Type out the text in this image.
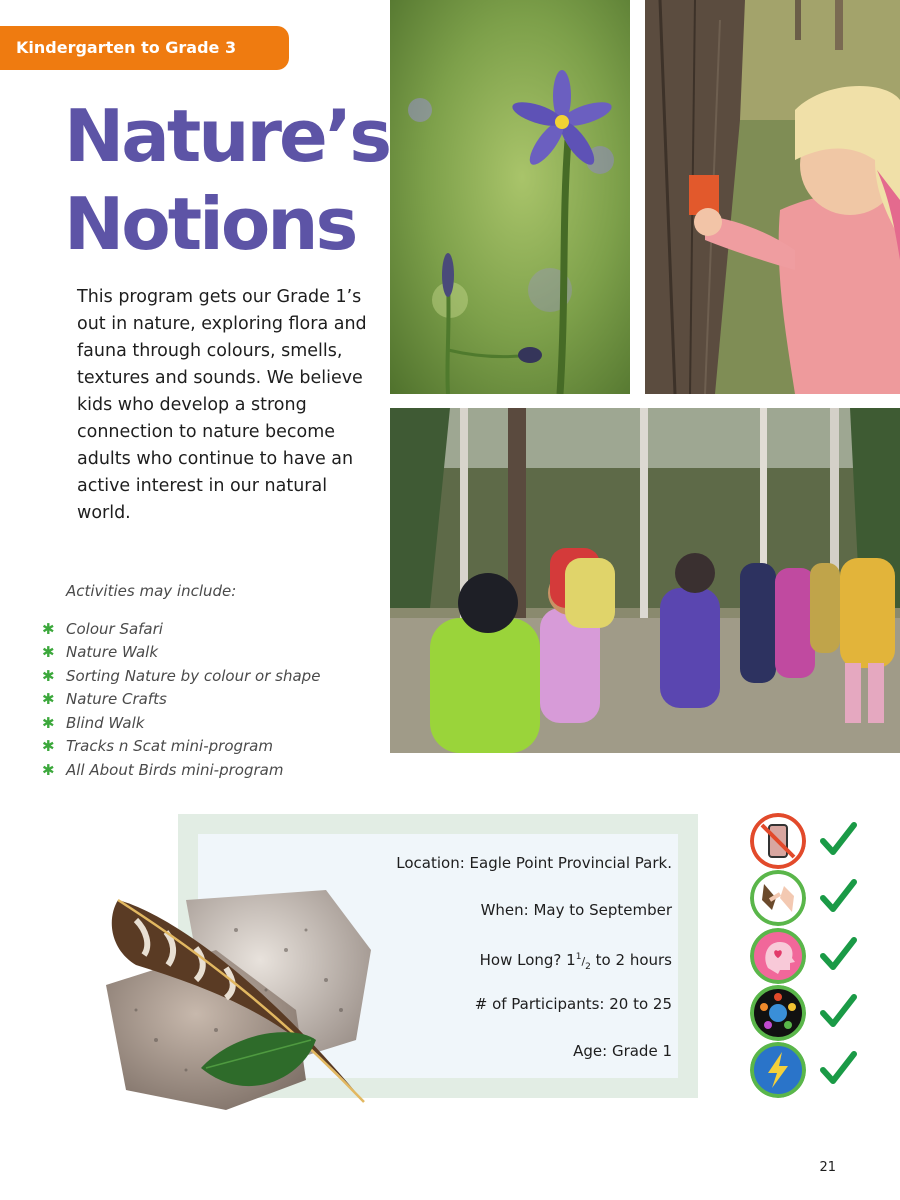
Kindergarten to Grade 3
Nature’s
Notions

This program gets our Grade 1’s out in nature, exploring flora and fauna through colours, smells, textures and sounds. We believe kids who develop a strong connection to nature become adults who continue to have an active interest in our natural world.

Activities may include:
✱ Colour Safari
✱ Nature Walk
✱ Sorting Nature by colour or shape
✱ Nature Crafts
✱ Blind Walk
✱ Tracks n Scat mini-program
✱ All About Birds mini-program
Location: Eagle Point Provincial Park.
When: May to September
How Long? $1^1/_2$ to 2 hours
# of Participants: 20 to 25
Age: Grade 1
21
